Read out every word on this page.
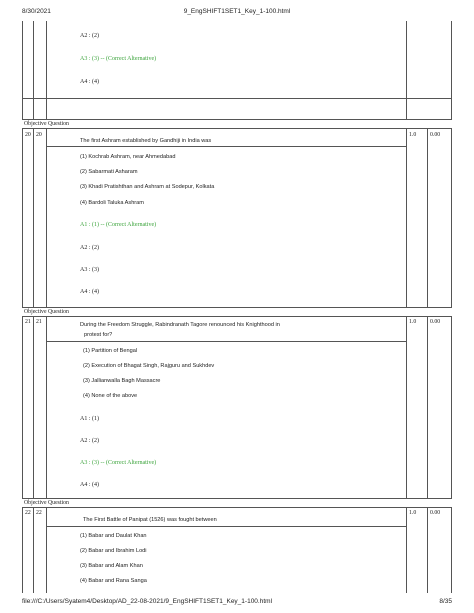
8/30/2021	9_EngSHIFT1SET1_Key_1-100.html
A2 : (2)
A3 : (3) -- (Correct Alternative)
A4 : (4)
Objective Question
20 20	1.0 0.00
The first Ashram established by Gandhiji in India was
(1) Kochrab Ashram, near Ahmedabad
(2) Sabarmati Asharam
(3) Khadi Pratishthan and Ashram at Sodepur, Kolkata
(4) Bardoli Taluka Ashram
A1 : (1) -- (Correct Alternative)
A2 : (2)
A3 : (3)
A4 : (4)
Objective Question
21 21	1.0 0.00
During the Freedom Struggle, Rabindranath Tagore renounced his Knighthood in
protest for?
(1) Partition of Bengal
(2) Execution of Bhagat Singh, Rajguru and Sukhdev
(3) Jallianwalla Bagh Massacre
(4) None of the above
A1 : (1)
A2 : (2)
A3 : (3) -- (Correct Alternative)
A4 : (4)
Objective Question
22 22	1.0 0.00
The First Battle of Panipat (1526) was fought between
(1) Babar and Daulat Khan
(2) Babar and Ibrahim Lodi
(3) Babar and Alam Khan
(4) Babar and Rana Sanga
file:///C:/Users/Syatem4/Desktop/AD_22-08-2021/9_EngSHIFT1SET1_Key_1-100.html	8/35
